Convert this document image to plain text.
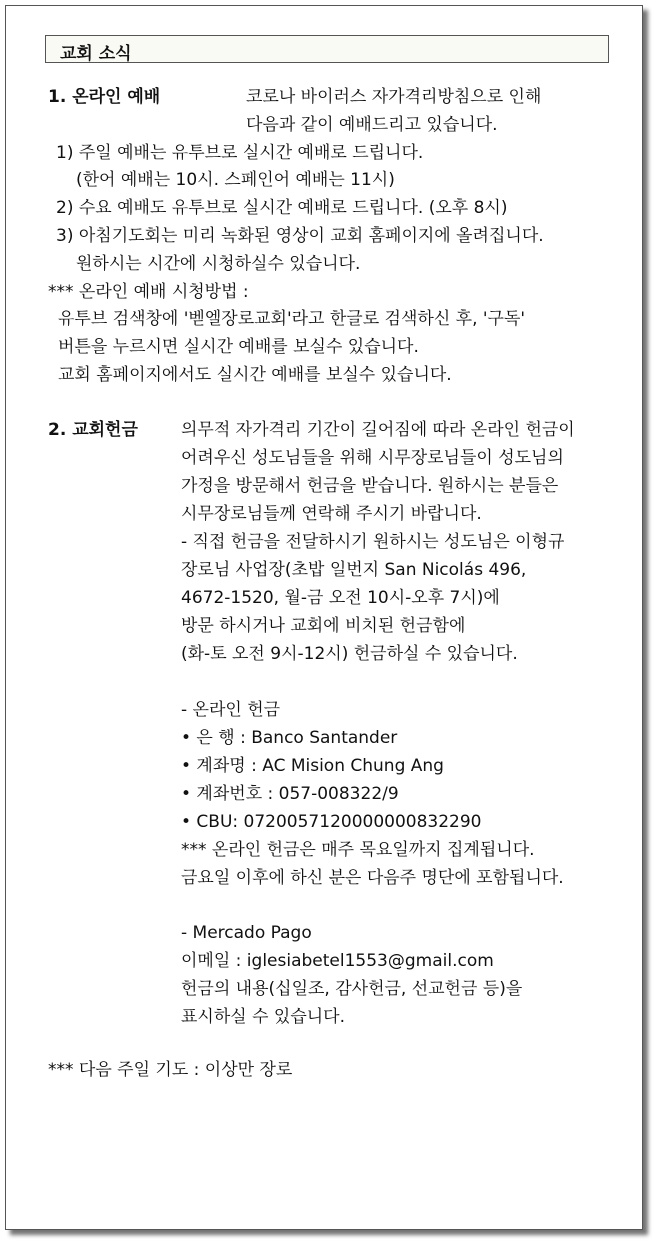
교회 소식
1. 온라인 예배	코로나 바이러스 자가격리방침으로 인해
다음과 같이 예배드리고 있습니다.
1) 주일 예배는 유투브로 실시간 예배로 드립니다.
(한어 예배는 10시. 스페인어 예배는 11시)
2) 수요 예배도 유투브로 실시간 예배로 드립니다. (오후 8시)
3) 아침기도회는 미리 녹화된 영상이 교회 홈페이지에 올려집니다.
원하시는 시간에 시청하실수 있습니다.
*** 온라인 예배 시청방법 :
유투브 검색창에 '벧엘장로교회'라고 한글로 검색하신 후, '구독'
버튼을 누르시면 실시간 예배를 보실수 있습니다.
교회 홈페이지에서도 실시간 예배를 보실수 있습니다.
2. 교회헌금	의무적 자가격리 기간이 길어짐에 따라 온라인 헌금이
어려우신 성도님들을 위해 시무장로님들이 성도님의
가정을 방문해서 헌금을 받습니다. 원하시는 분들은
시무장로님들께 연락해 주시기 바랍니다.
- 직접 헌금을 전달하시기 원하시는 성도님은 이형규
장로님 사업장(초밥 일번지 San Nicolás 496,
4672-1520, 월-금 오전 10시-오후 7시)에
방문 하시거나 교회에 비치된 헌금함에
(화-토 오전 9시-12시) 헌금하실 수 있습니다.
- 온라인 헌금
• 은 행 : Banco Santander
• 계좌명 : AC Mision Chung Ang
• 계좌번호 : 057-008322/9
• CBU: 0720057120000000832290
*** 온라인 헌금은 매주 목요일까지 집계됩니다.
금요일 이후에 하신 분은 다음주 명단에 포함됩니다.
- Mercado Pago
이메일 : iglesiabetel1553@gmail.com
헌금의 내용(십일조, 감사헌금, 선교헌금 등)을
표시하실 수 있습니다.
*** 다음 주일 기도 : 이상만 장로
